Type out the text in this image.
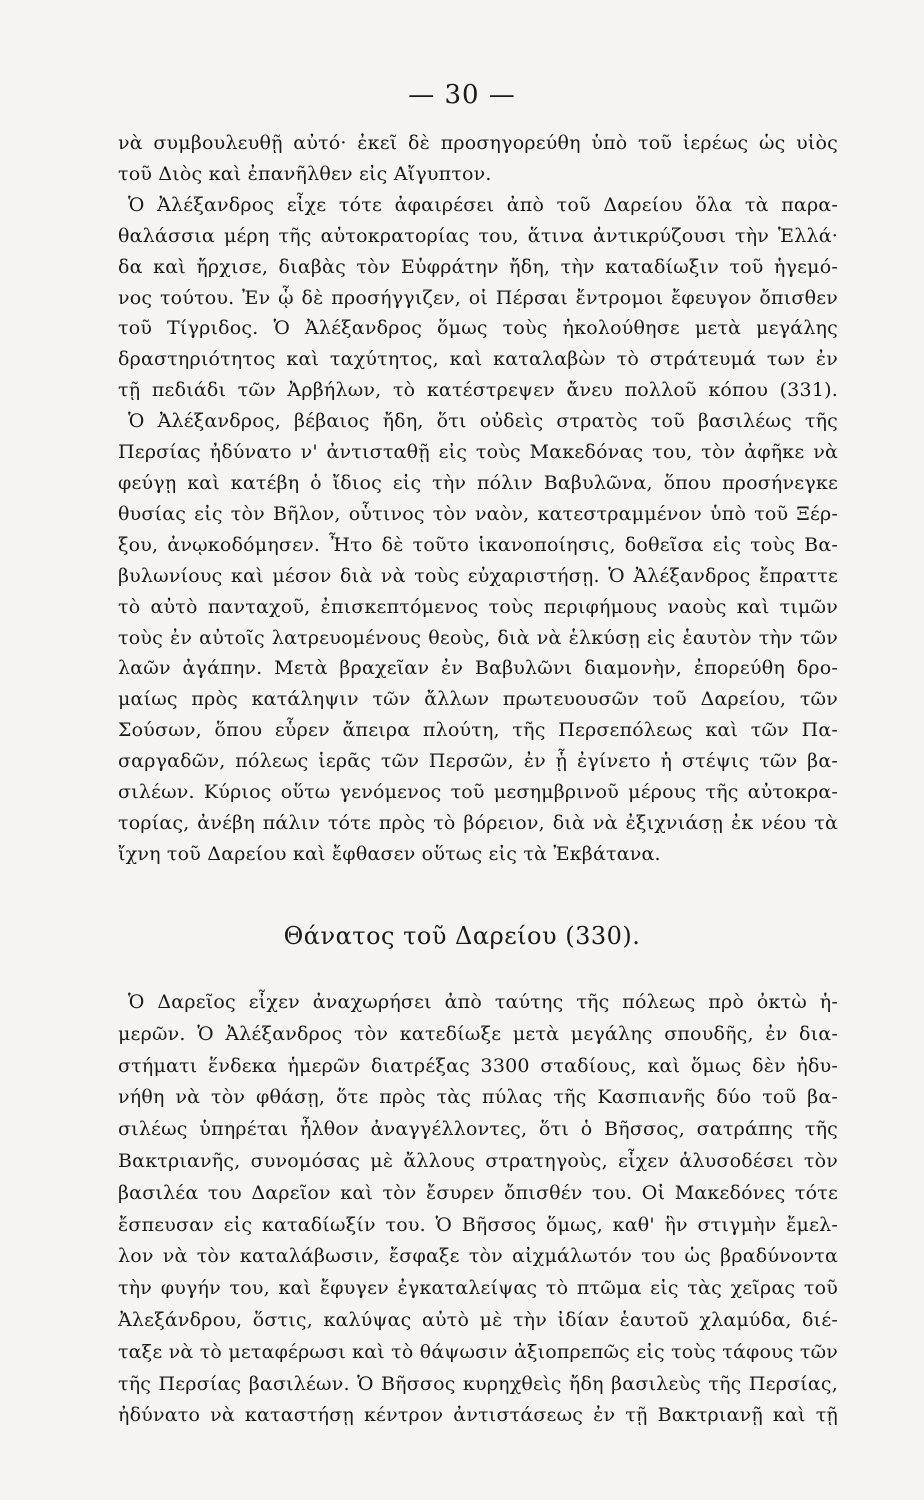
— 30 —
νὰ συμβουλευθῇ αὐτό· ἐκεῖ δὲ προσηγορεύθη ὑπὸ τοῦ ἱερέως ὡς υἱὸς
τοῦ Διὸς καὶ ἐπανῆλθεν εἰς Αἴγυπτον.
Ὁ Ἀλέξανδρος εἶχε τότε ἀφαιρέσει ἀπὸ τοῦ Δαρείου ὅλα τὰ παρα-
θαλάσσια μέρη τῆς αὐτοκρατορίας του, ἅτινα ἀντικρύζουσι τὴν Ἑλλά·
δα καὶ ἤρχισε, διαβὰς τὸν Εὐφράτην ἤδη, τὴν καταδίωξιν τοῦ ἡγεμό-
νος τούτου. Ἐν ᾧ δὲ προσήγγιζεν, οἱ Πέρσαι ἔντρομοι ἔφευγον ὄπισθεν
τοῦ Τίγριδος. Ὁ Ἀλέξανδρος ὅμως τοὺς ἠκολούθησε μετὰ μεγάλης
δραστηριότητος καὶ ταχύτητος, καὶ καταλαβὼν τὸ στράτευμά των ἐν
τῇ πεδιάδι τῶν Ἀρβήλων, τὸ κατέστρεψεν ἄνευ πολλοῦ κόπου (331).
Ὁ Ἀλέξανδρος, βέβαιος ἤδη, ὅτι οὐδεὶς στρατὸς τοῦ βασιλέως τῆς
Περσίας ἠδύνατο ν' ἀντισταθῇ εἰς τοὺς Μακεδόνας του, τὸν ἀφῆκε νὰ
φεύγῃ καὶ κατέβη ὁ ἴδιος εἰς τὴν πόλιν Βαβυλῶνα, ὅπου προσήνεγκε
θυσίας εἰς τὸν Βῆλον, οὗτινος τὸν ναὸν, κατεστραμμένον ὑπὸ τοῦ Ξέρ-
ξου, ἀνῳκοδόμησεν. Ἦτο δὲ τοῦτο ἱκανοποίησις, δοθεῖσα εἰς τοὺς Βα-
βυλωνίους καὶ μέσον διὰ νὰ τοὺς εὐχαριστήσῃ. Ὁ Ἀλέξανδρος ἔπραττε
τὸ αὐτὸ πανταχοῦ, ἐπισκεπτόμενος τοὺς περιφήμους ναοὺς καὶ τιμῶν
τοὺς ἐν αὐτοῖς λατρευομένους θεοὺς, διὰ νὰ ἑλκύσῃ εἰς ἑαυτὸν τὴν τῶν
λαῶν ἀγάπην. Μετὰ βραχεῖαν ἐν Βαβυλῶνι διαμονὴν, ἐπορεύθη δρο-
μαίως πρὸς κατάληψιν τῶν ἄλλων πρωτευουσῶν τοῦ Δαρείου, τῶν
Σούσων, ὅπου εὗρεν ἄπειρα πλούτη, τῆς Περσεπόλεως καὶ τῶν Πα-
σαργαδῶν, πόλεως ἱερᾶς τῶν Περσῶν, ἐν ᾗ ἐγίνετο ἡ στέψις τῶν βα-
σιλέων. Κύριος οὕτω γενόμενος τοῦ μεσημβρινοῦ μέρους τῆς αὐτοκρα-
τορίας, ἀνέβη πάλιν τότε πρὸς τὸ βόρειον, διὰ νὰ ἐξιχνιάσῃ ἐκ νέου τὰ
ἴχνη τοῦ Δαρείου καὶ ἔφθασεν οὕτως εἰς τὰ Ἐκβάτανα.
Θάνατος τοῦ Δαρείου (330).
Ὁ Δαρεῖος εἶχεν ἀναχωρήσει ἀπὸ ταύτης τῆς πόλεως πρὸ ὀκτὼ ἡ-
μερῶν. Ὁ Ἀλέξανδρος τὸν κατεδίωξε μετὰ μεγάλης σπουδῆς, ἐν δια-
στήματι ἕνδεκα ἡμερῶν διατρέξας 3300 σταδίους, καὶ ὅμως δὲν ἠδυ-
νήθη νὰ τὸν φθάσῃ, ὅτε πρὸς τὰς πύλας τῆς Κασπιανῆς δύο τοῦ βα-
σιλέως ὑπηρέται ἦλθον ἀναγγέλλοντες, ὅτι ὁ Βῆσσος, σατράπης τῆς
Βακτριανῆς, συνομόσας μὲ ἄλλους στρατηγοὺς, εἶχεν ἁλυσοδέσει τὸν
βασιλέα του Δαρεῖον καὶ τὸν ἔσυρεν ὄπισθέν του. Οἱ Μακεδόνες τότε
ἔσπευσαν εἰς καταδίωξίν του. Ὁ Βῆσσος ὅμως, καθ' ἣν στιγμὴν ἔμελ-
λον νὰ τὸν καταλάβωσιν, ἔσφαξε τὸν αἰχμάλωτόν του ὡς βραδύνοντα
τὴν φυγήν του, καὶ ἔφυγεν ἐγκαταλείψας τὸ πτῶμα εἰς τὰς χεῖρας τοῦ
Ἀλεξάνδρου, ὅστις, καλύψας αὐτὸ μὲ τὴν ἰδίαν ἑαυτοῦ χλαμύδα, διέ-
ταξε νὰ τὸ μεταφέρωσι καὶ τὸ θάψωσιν ἀξιοπρεπῶς εἰς τοὺς τάφους τῶν
τῆς Περσίας βασιλέων. Ὁ Βῆσσος κυρηχθεὶς ἤδη βασιλεὺς τῆς Περσίας,
ἠδύνατο νὰ καταστήσῃ κέντρον ἀντιστάσεως ἐν τῇ Βακτριανῇ καὶ τῇ
